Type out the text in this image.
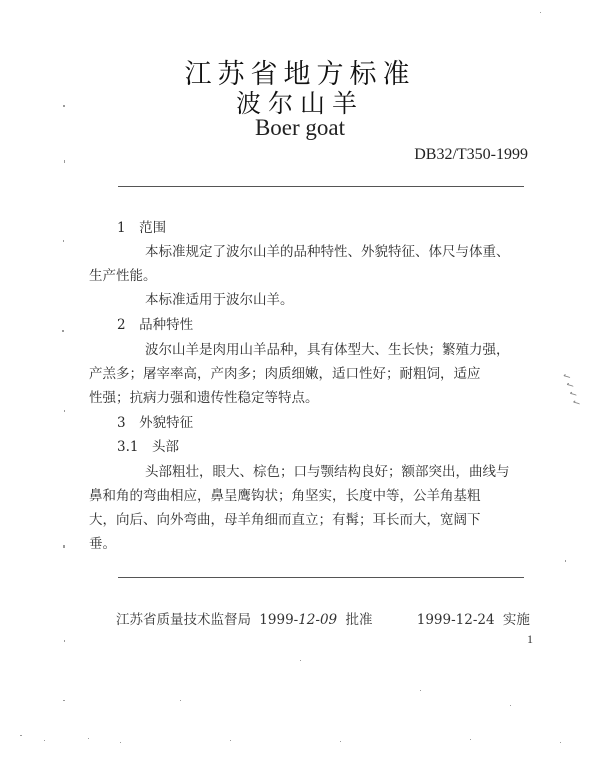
江苏省地方标准
波尔山羊
Boer goat
DB32/T350-1999
1　范围
本标准规定了波尔山羊的品种特性、外貌特征、体尺与体重、
生产性能。
本标准适用于波尔山羊。
2　品种特性
波尔山羊是肉用山羊品种，具有体型大、生长快；繁殖力强，
产羔多；屠宰率高，产肉多；肉质细嫩，适口性好；耐粗饲，适应
性强；抗病力强和遗传性稳定等特点。
3　外貌特征
3.1　头部
头部粗壮，眼大、棕色；口与颚结构良好；额部突出，曲线与
鼻和角的弯曲相应，鼻呈鹰钩状；角坚实，长度中等，公羊角基粗
大，向后、向外弯曲，母羊角细而直立；有髯；耳长而大，宽阔下
垂。
江苏省质量技术监督局 1999-12-09 批准	1999-12-24 实施
1
✓✓✓✓
